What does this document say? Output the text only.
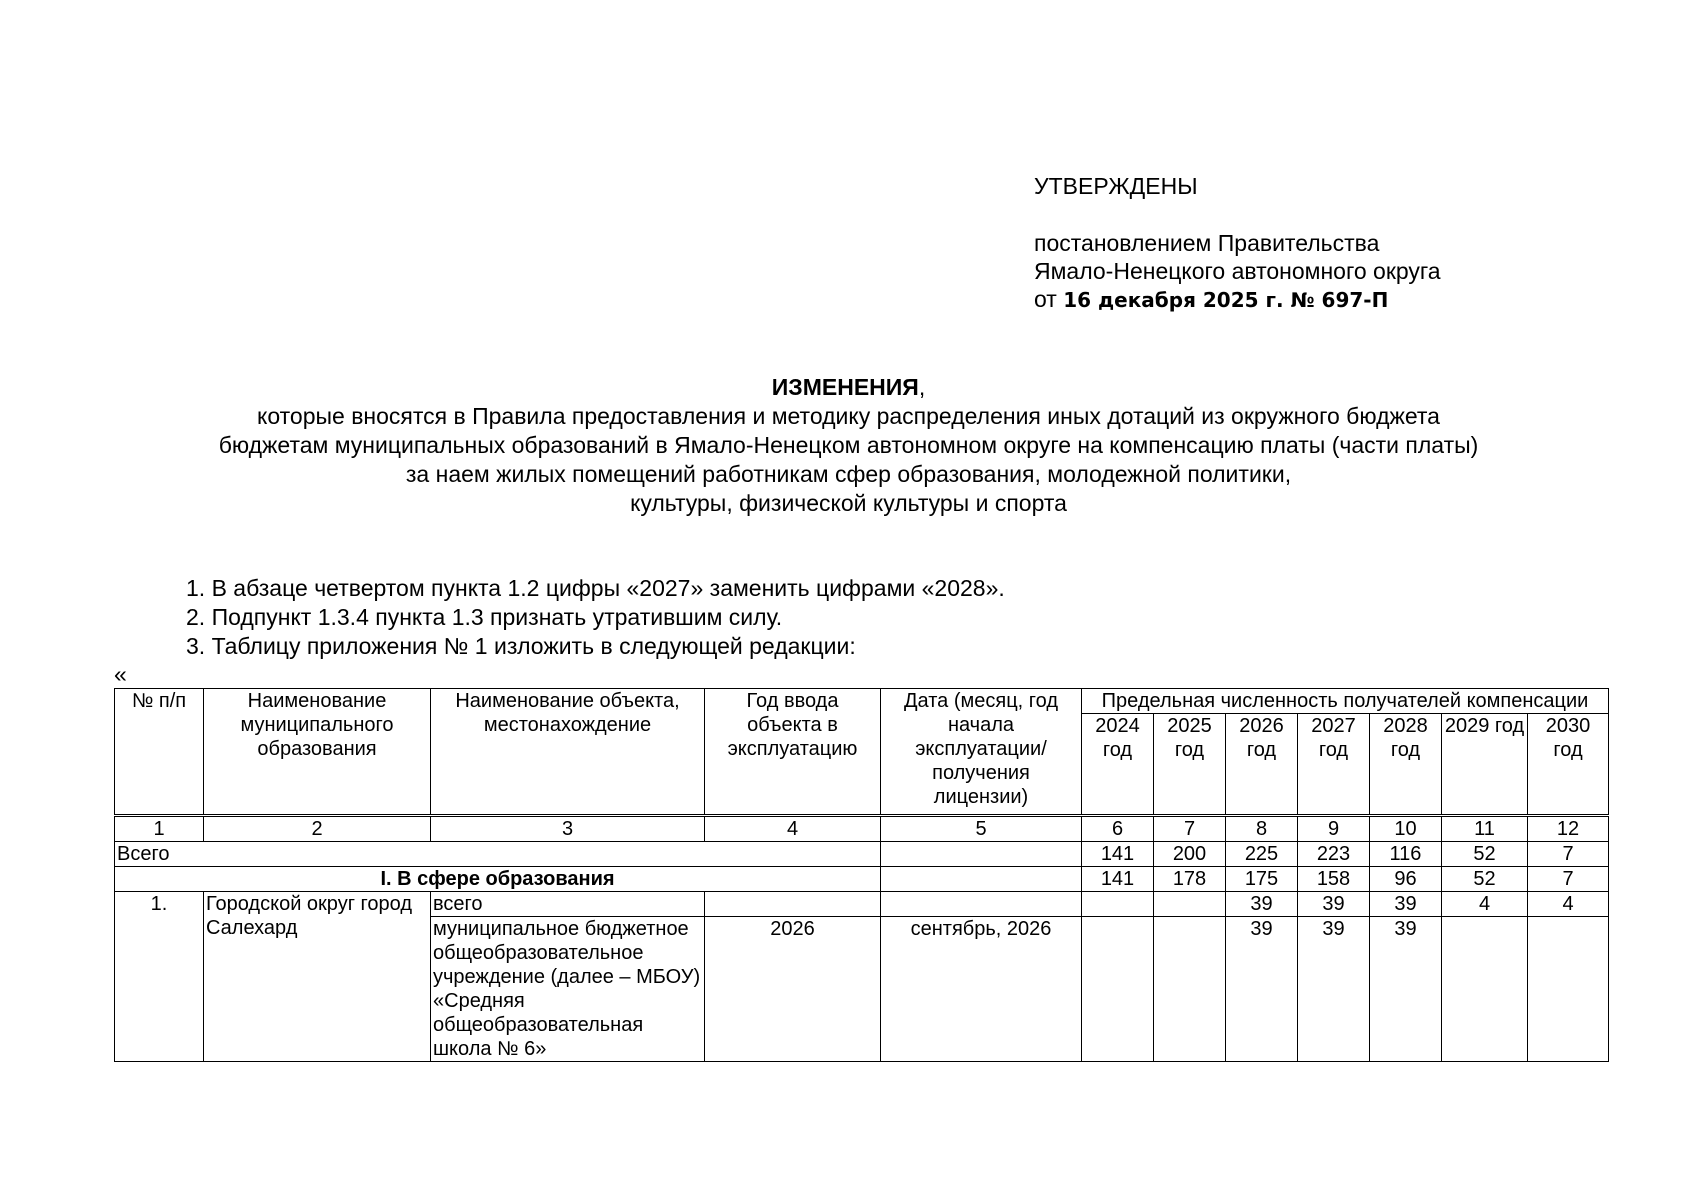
УТВЕРЖДЕНЫ
постановлением Правительства
Ямало-Ненецкого автономного округа
от 16 декабря 2025 г. № 697-П
ИЗМЕНЕНИЯ,
которые вносятся в Правила предоставления и методику распределения иных дотаций из окружного бюджета
бюджетам муниципальных образований в Ямало-Ненецком автономном округе на компенсацию платы (части платы)
за наем жилых помещений работникам сфер образования, молодежной политики,
культуры, физической культуры и спорта
1. В абзаце четвертом пункта 1.2 цифры «2027» заменить цифрами «2028».
2. Подпункт 1.3.4 пункта 1.3 признать утратившим силу.
3. Таблицу приложения № 1 изложить в следующей редакции:
«
№ п/п	Наименование муниципального образования	Наименование объекта, местонахождение	Год ввода объекта в эксплуатацию	Дата (месяц, год начала эксплуатации/ получения лицензии)	Предельная численность получателей компенсации						
					2024 год	2025 год	2026 год	2027 год	2028 год	2029 год	2030 год

1	2	3	4	5	6	7	8	9	10	11	12
Всего					141	200	225	223	116	52	7
I. В сфере образования					141	178	175	158	96	52	7
1.	Городской округ город Салехард	всего					39	39	39	4	4
		муниципальное бюджетное общеобразовательное учреждение (далее – МБОУ) «Средняя общеобразовательная школа № 6»	2026	сентябрь, 2026			39	39	39		
